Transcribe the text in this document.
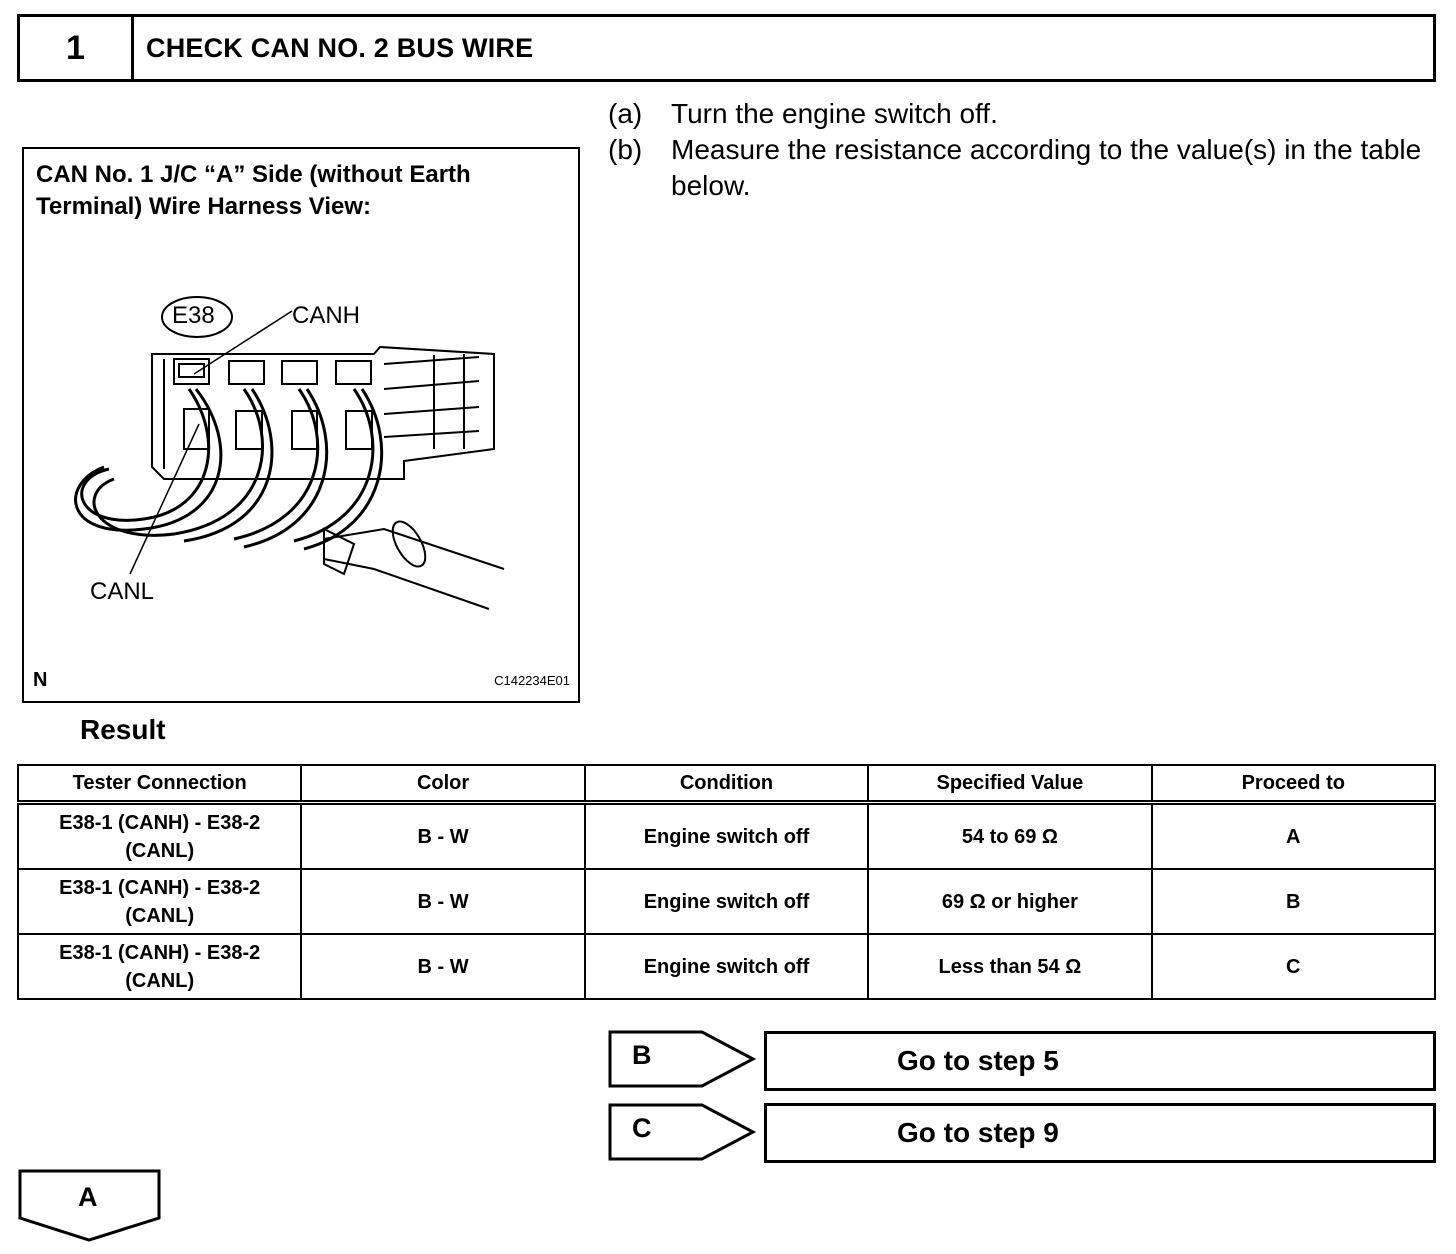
1	CHECK CAN NO. 2 BUS WIRE
CAN No. 1 J/C “A” Side (without Earth Terminal) Wire Harness View:
E38	CANH
CANL
N	C142234E01
(a) Turn the engine switch off.
(b) Measure the resistance according to the value(s) in the table below.
Result
Tester Connection	Color	Condition	Specified Value	Proceed to
E38-1 (CANH) - E38-2 (CANL)	B - W	Engine switch off	54 to 69 Ω	A
E38-1 (CANH) - E38-2 (CANL)	B - W	Engine switch off	69 Ω or higher	B
E38-1 (CANH) - E38-2 (CANL)	B - W	Engine switch off	Less than 54 Ω	C
B	Go to step 5
C	Go to step 9
A
